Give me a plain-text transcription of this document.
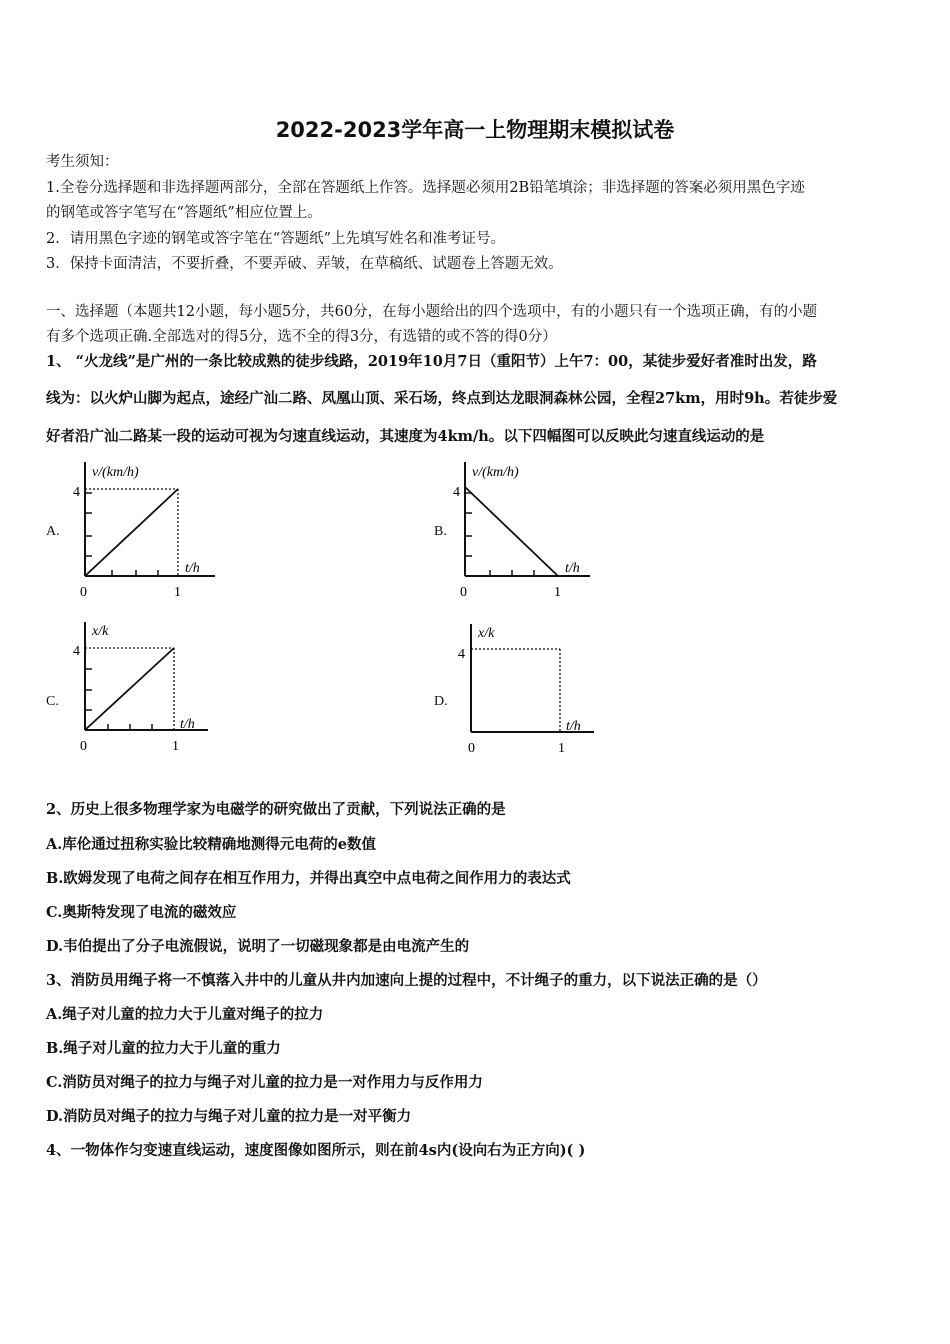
2022-2023学年高一上物理期末模拟试卷
考生须知：
1.全卷分选择题和非选择题两部分，全部在答题纸上作答。选择题必须用2B铅笔填涂；非选择题的答案必须用黑色字迹
的钢笔或答字笔写在“答题纸”相应位置上。
2．请用黑色字迹的钢笔或答字笔在“答题纸”上先填写姓名和准考证号。
3．保持卡面清洁，不要折叠，不要弄破、弄皱，在草稿纸、试题卷上答题无效。
一、选择题（本题共12小题，每小题5分，共60分，在每小题给出的四个选项中，有的小题只有一个选项正确，有的小题
有多个选项正确.全部选对的得5分，选不全的得3分，有选错的或不答的得0分）
1、 “火龙线”是广州的一条比较成熟的徒步线路，2019年10月7日（重阳节）上午7：00，某徒步爱好者准时出发，路
线为：以火炉山脚为起点，途经广汕二路、凤凰山顶、采石场，终点到达龙眼洞森林公园，全程27km，用时9h。若徒步爱
好者沿广汕二路某一段的运动可视为匀速直线运动，其速度为4km/h。以下四幅图可以反映此匀速直线运动的是
A.
v/(km/h)
4
t/h
0	1
B.
v/(km/h)
4
t/h
0	1
C.
x/k
4
t/h
0	1
D.
x/k
4
t/h
0	1
2、历史上很多物理学家为电磁学的研究做出了贡献，下列说法正确的是
A.库伦通过扭称实验比较精确地测得元电荷的e数值
B.欧姆发现了电荷之间存在相互作用力，并得出真空中点电荷之间作用力的表达式
C.奥斯特发现了电流的磁效应
D.韦伯提出了分子电流假说，说明了一切磁现象都是由电流产生的
3、消防员用绳子将一不慎落入井中的儿童从井内加速向上提的过程中，不计绳子的重力，以下说法正确的是（）
A.绳子对儿童的拉力大于儿童对绳子的拉力
B.绳子对儿童的拉力大于儿童的重力
C.消防员对绳子的拉力与绳子对儿童的拉力是一对作用力与反作用力
D.消防员对绳子的拉力与绳子对儿童的拉力是一对平衡力
4、一物体作匀变速直线运动，速度图像如图所示，则在前4s内(设向右为正方向)( )
